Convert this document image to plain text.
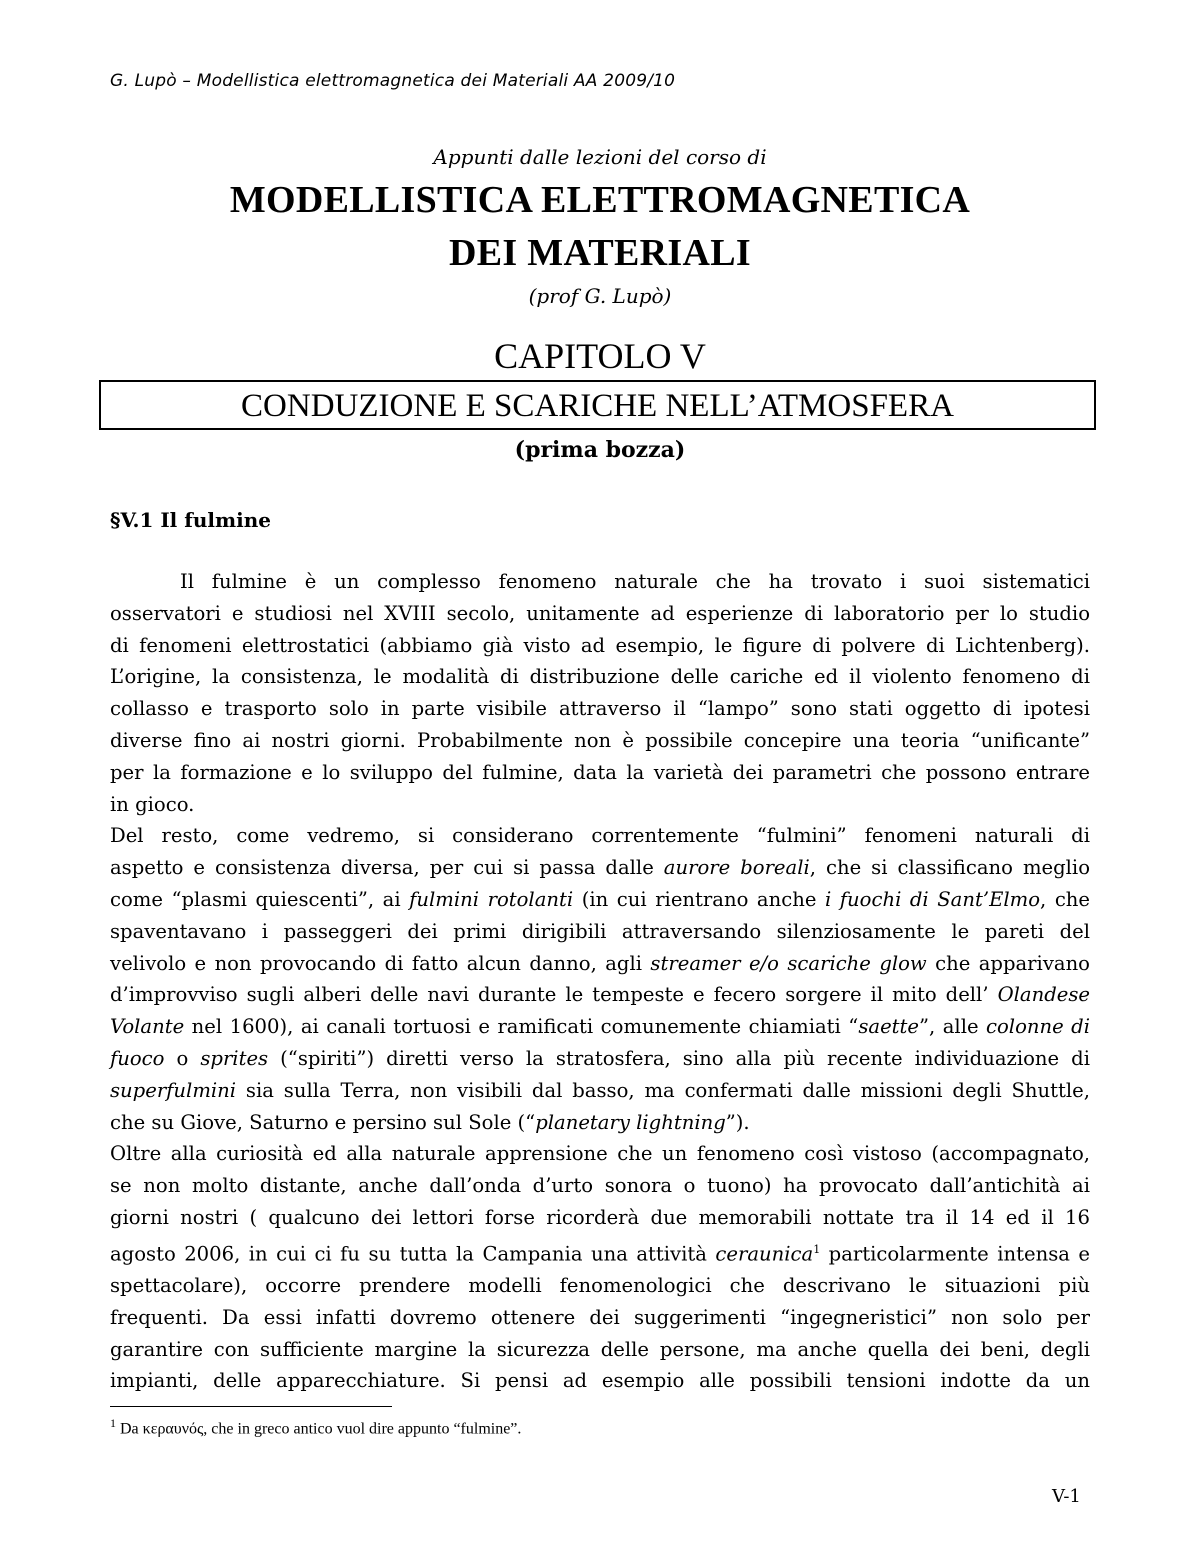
G. Lupò – Modellistica elettromagnetica dei Materiali AA 2009/10
Appunti dalle lezioni del corso di
MODELLISTICA ELETTROMAGNETICA
DEI MATERIALI
(prof G. Lupò)
CAPITOLO V
CONDUZIONE E SCARICHE NELL’ATMOSFERA
(prima bozza)
§V.1 Il fulmine
Il fulmine è un complesso fenomeno naturale che ha trovato i suoi sistematici
osservatori e studiosi nel XVIII secolo, unitamente ad esperienze di laboratorio per lo studio
di fenomeni elettrostatici (abbiamo già visto ad esempio, le figure di polvere di Lichtenberg).
L’origine, la consistenza, le modalità di distribuzione delle cariche ed il violento fenomeno di
collasso e trasporto solo in parte visibile attraverso il “lampo” sono stati oggetto di ipotesi
diverse fino ai nostri giorni. Probabilmente non è possibile concepire una teoria “unificante”
per la formazione e lo sviluppo del fulmine, data la varietà dei parametri che possono entrare
in gioco.
Del resto, come vedremo, si considerano correntemente “fulmini” fenomeni naturali di
aspetto e consistenza diversa, per cui si passa dalle aurore boreali, che si classificano meglio
come “plasmi quiescenti”, ai fulmini rotolanti (in cui rientrano anche i fuochi di Sant’Elmo, che
spaventavano i passeggeri dei primi dirigibili attraversando silenziosamente le pareti del
velivolo e non provocando di fatto alcun danno, agli streamer e/o scariche glow che apparivano
d’improvviso sugli alberi delle navi durante le tempeste e fecero sorgere il mito dell’ Olandese
Volante nel 1600), ai canali tortuosi e ramificati comunemente chiamiati “saette”, alle colonne di
fuoco o sprites (“spiriti”) diretti verso la stratosfera, sino alla più recente individuazione di
superfulmini sia sulla Terra, non visibili dal basso, ma confermati dalle missioni degli Shuttle,
che su Giove, Saturno e persino sul Sole (“planetary lightning”).
Oltre alla curiosità ed alla naturale apprensione che un fenomeno così vistoso (accompagnato,
se non molto distante, anche dall’onda d’urto sonora o tuono) ha provocato dall’antichità ai
giorni nostri ( qualcuno dei lettori forse ricorderà due memorabili nottate tra il 14 ed il 16
agosto 2006, in cui ci fu su tutta la Campania una attività ceraunica$^1$ particolarmente intensa e
spettacolare), occorre prendere modelli fenomenologici che descrivano le situazioni più
frequenti. Da essi infatti dovremo ottenere dei suggerimenti “ingegneristici” non solo per
garantire con sufficiente margine la sicurezza delle persone, ma anche quella dei beni, degli
impianti, delle apparecchiature. Si pensi ad esempio alle possibili tensioni indotte da un
$^1$ Da κεραυνός, che in greco antico vuol dire appunto “fulmine”.
V-1
